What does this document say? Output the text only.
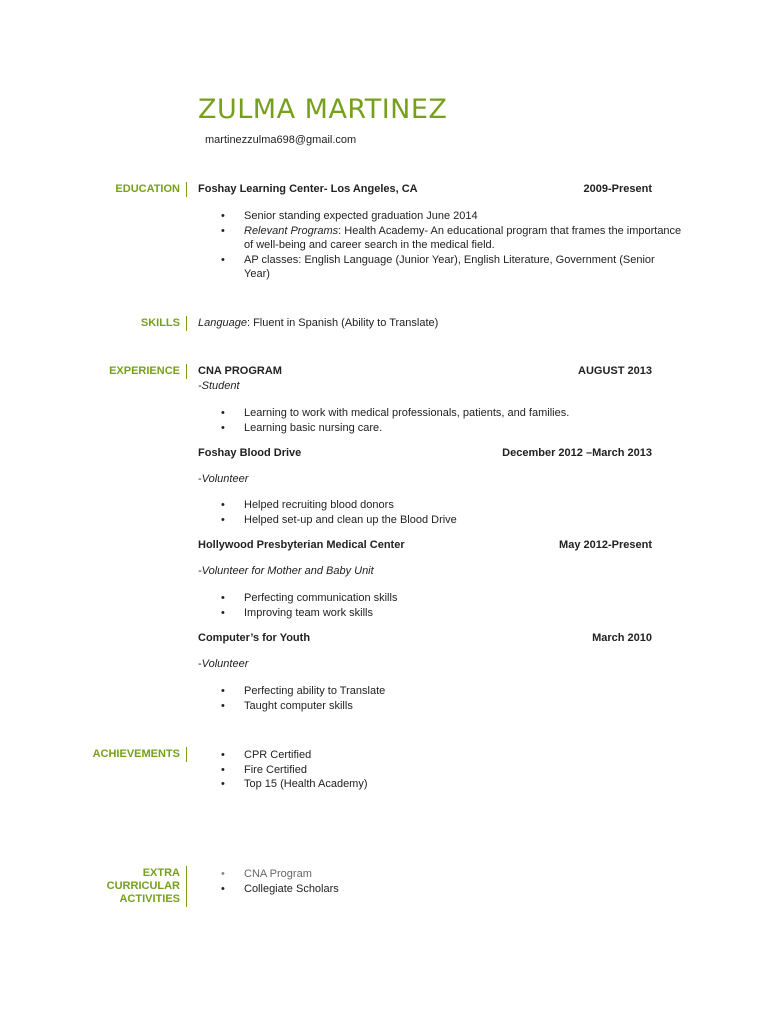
ZULMA MARTINEZ
martinezzulma698@gmail.com
EDUCATION Foshay Learning Center- Los Angeles, CA	2009-Present
• Senior standing expected graduation June 2014
• Relevant Programs: Health Academy- An educational program that frames the importance
of well-being and career search in the medical field.
• AP classes: English Language (Junior Year), English Literature, Government (Senior
Year)
SKILLS Language: Fluent in Spanish (Ability to Translate)
EXPERIENCE CNA PROGRAM	AUGUST 2013
-Student
• Learning to work with medical professionals, patients, and families.
• Learning basic nursing care.
Foshay Blood Drive	December 2012 –March 2013
-Volunteer
• Helped recruiting blood donors
• Helped set-up and clean up the Blood Drive
Hollywood Presbyterian Medical Center	May 2012-Present
-Volunteer for Mother and Baby Unit
• Perfecting communication skills
• Improving team work skills
Computer’s for Youth	March 2010
-Volunteer
• Perfecting ability to Translate
• Taught computer skills
ACHIEVEMENTS
•	CPR Certified
• Fire Certified
• Top 15 (Health Academy)
EXTRA
CURRICULAR
ACTIVITIES
• CNA Program
• Collegiate Scholars
